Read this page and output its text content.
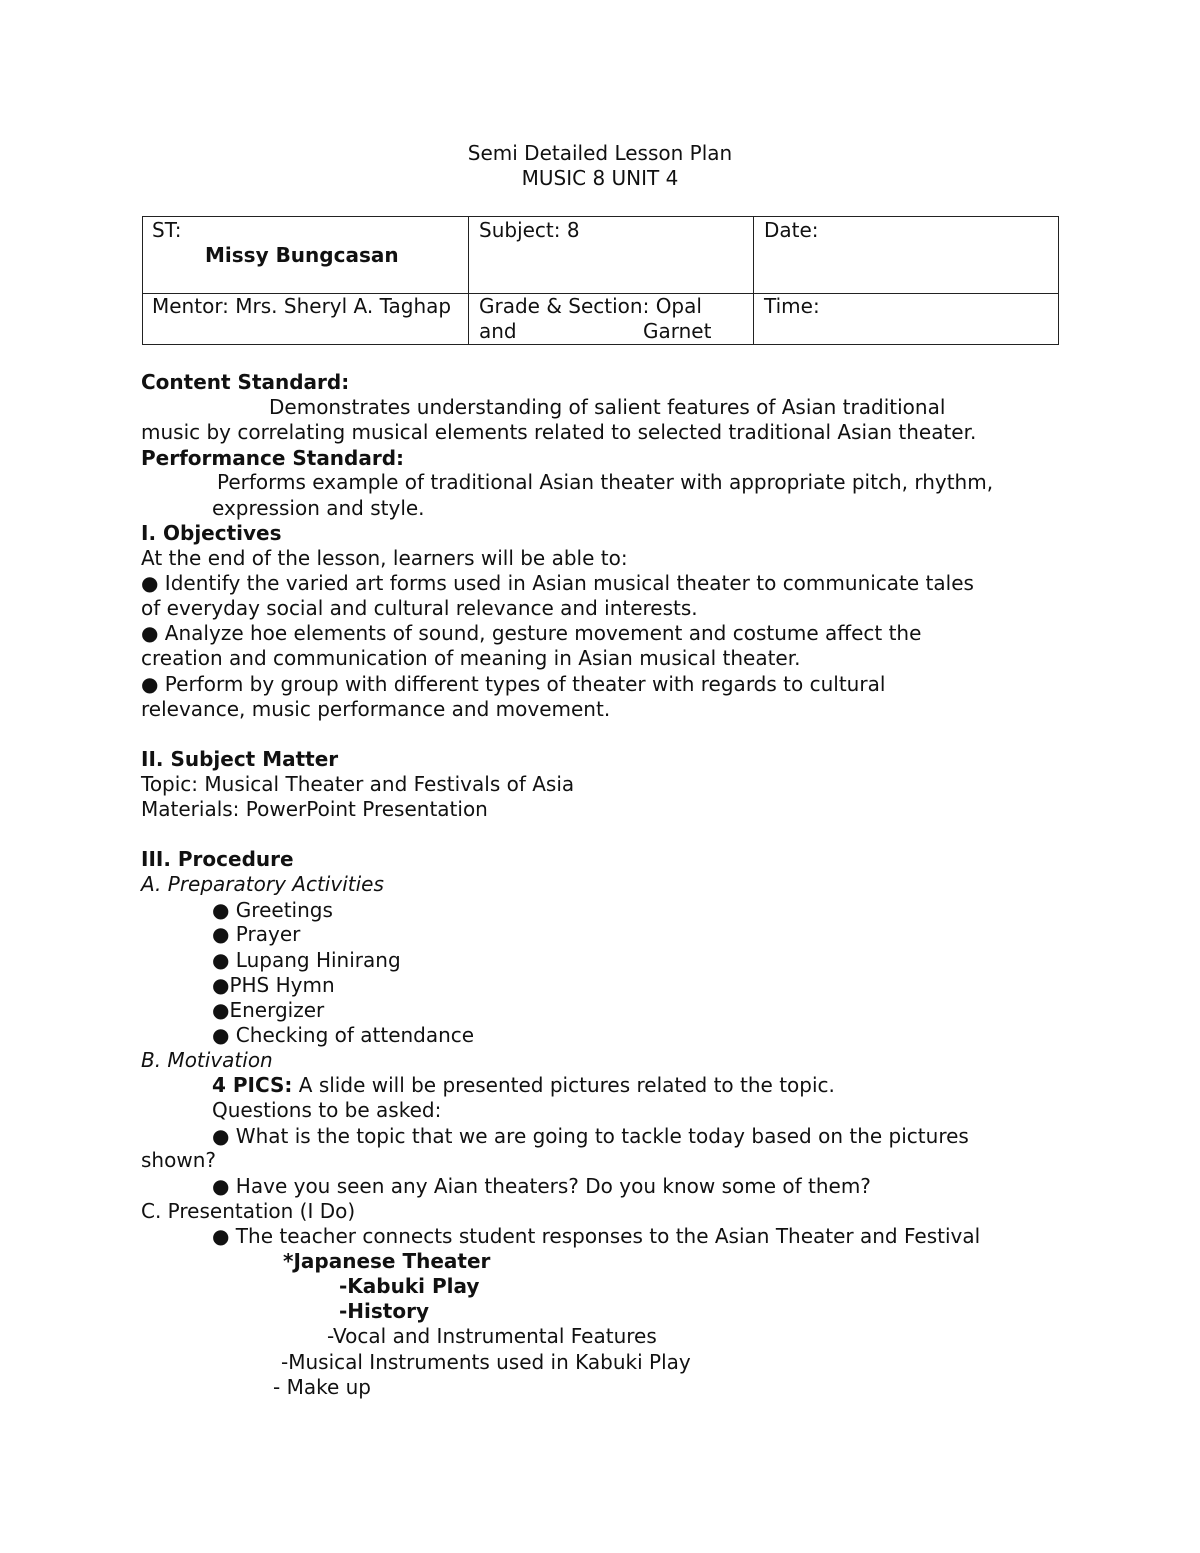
Semi Detailed Lesson Plan
MUSIC 8 UNIT 4
ST:
Missy Bungcasan
Subject: 8	Date:
Mentor: Mrs. Sheryl A. Taghap Grade & Section: Opal
and	Garnet
Time:
Content Standard:
Demonstrates understanding of salient features of Asian traditional
music by correlating musical elements related to selected traditional Asian theater.
Performance Standard:
Performs example of traditional Asian theater with appropriate pitch, rhythm,
expression and style.
I. Objectives
At the end of the lesson, learners will be able to:
● Identify the varied art forms used in Asian musical theater to communicate tales
of everyday social and cultural relevance and interests.
● Analyze hoe elements of sound, gesture movement and costume affect the
creation and communication of meaning in Asian musical theater.
● Perform by group with different types of theater with regards to cultural
relevance, music performance and movement.
II. Subject Matter
Topic: Musical Theater and Festivals of Asia
Materials: PowerPoint Presentation
III. Procedure
A. Preparatory Activities
● Greetings
● Prayer
● Lupang Hinirang
●PHS Hymn
●Energizer
● Checking of attendance
B. Motivation
4 PICS: A slide will be presented pictures related to the topic.
Questions to be asked:
● What is the topic that we are going to tackle today based on the pictures
shown?
● Have you seen any Aian theaters? Do you know some of them?
C. Presentation (I Do)
● The teacher connects student responses to the Asian Theater and Festival
*Japanese Theater
-Kabuki Play
-History
-Vocal and Instrumental Features
-Musical Instruments used in Kabuki Play
- Make up
